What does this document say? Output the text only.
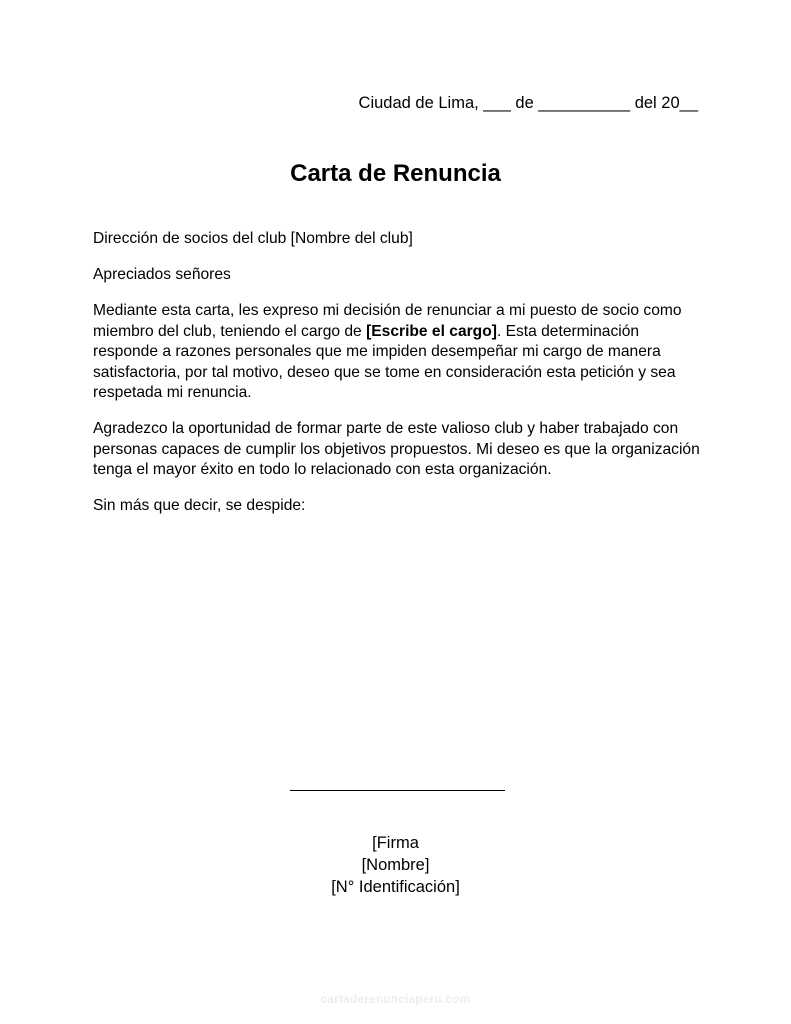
Ciudad de Lima, ___ de __________ del 20__
Carta de Renuncia

Dirección de socios del club [Nombre del club]

Apreciados señores

Mediante esta carta, les expreso mi decisión de renunciar a mi puesto de socio como miembro del club, teniendo el cargo de [Escribe el cargo]. Esta determinación responde a razones personales que me impiden desempeñar mi cargo de manera satisfactoria, por tal motivo, deseo que se tome en consideración esta petición y sea respetada mi renuncia.

Agradezco la oportunidad de formar parte de este valioso club y haber trabajado con personas capaces de cumplir los objetivos propuestos. Mi deseo es que la organización tenga el mayor éxito en todo lo relacionado con esta organización.

Sin más que decir, se despide:

[Firma
[Nombre]
[N° Identificación]
cartaderenunciaperu.com
